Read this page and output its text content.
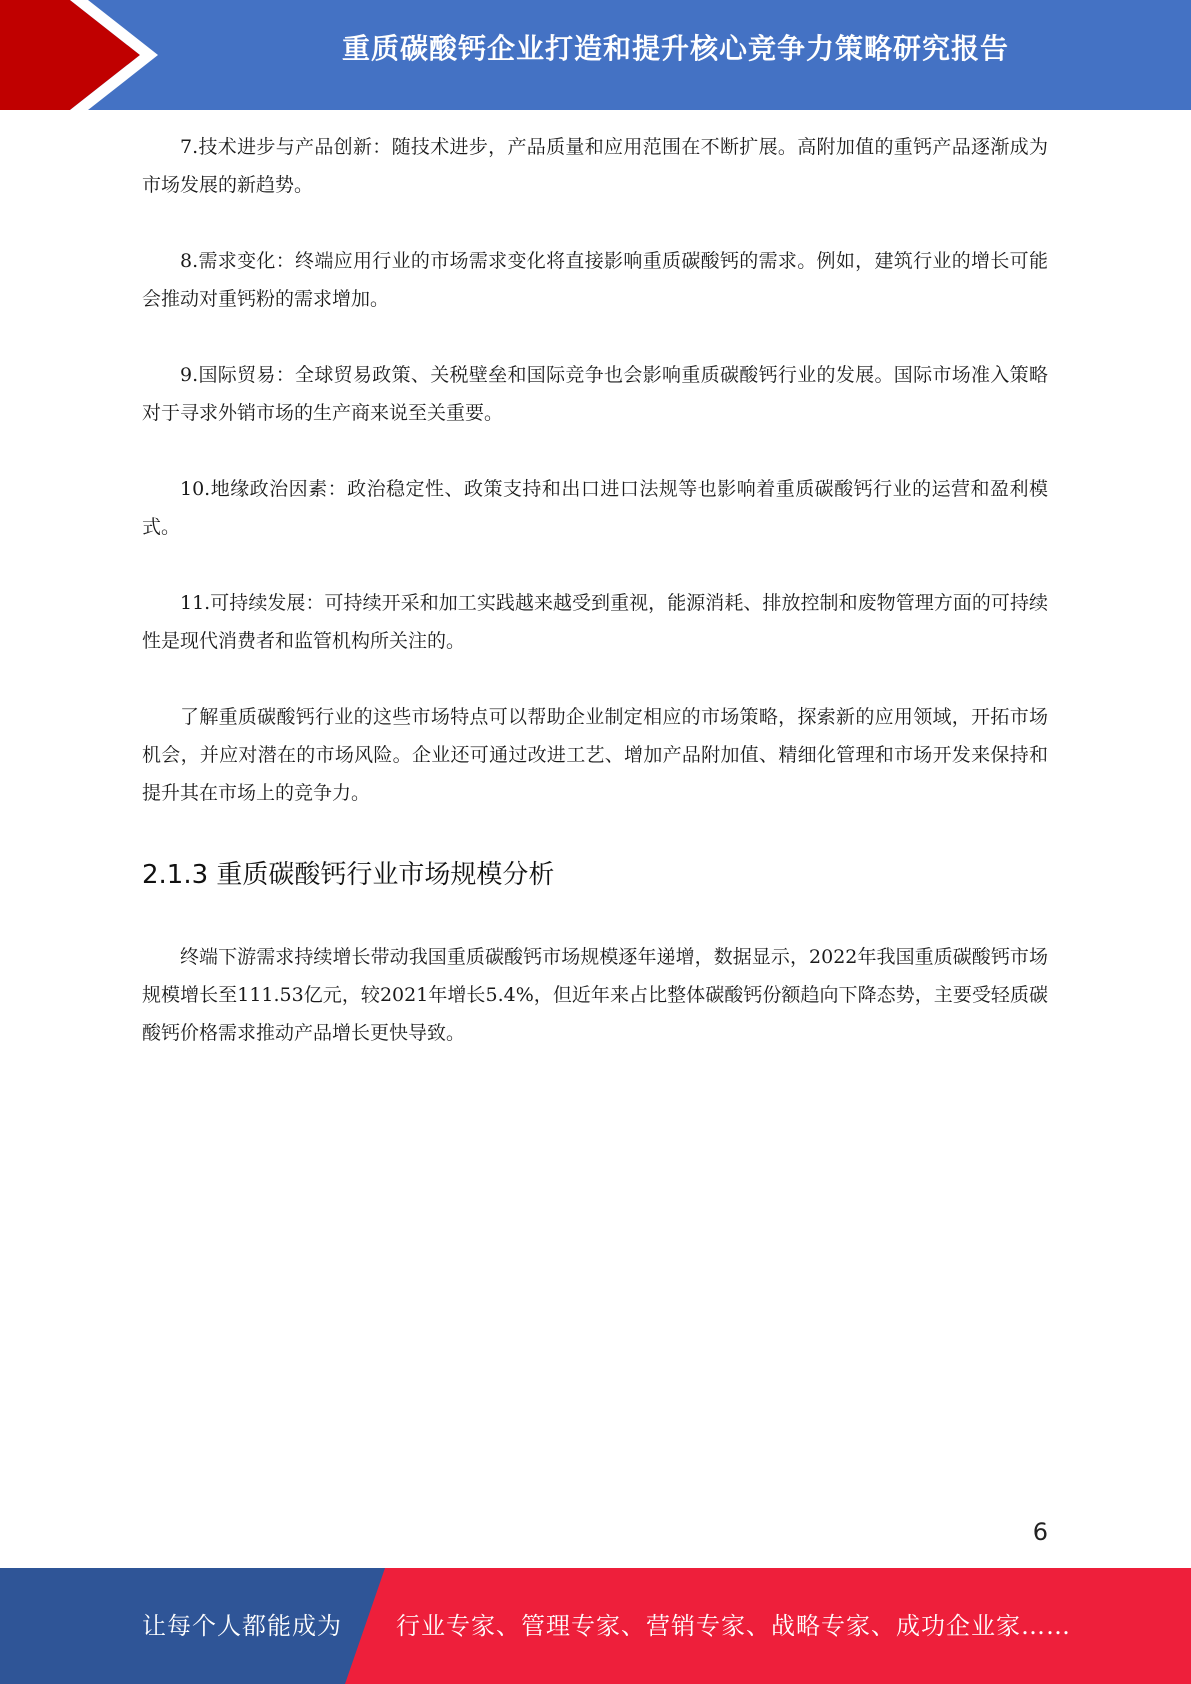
重质碳酸钙企业打造和提升核心竞争力策略研究报告

7.技术进步与产品创新：随技术进步，产品质量和应用范围在不断扩展。高附加值的重钙产品逐渐成为市场发展的新趋势。

8.需求变化：终端应用行业的市场需求变化将直接影响重质碳酸钙的需求。例如，建筑行业的增长可能会推动对重钙粉的需求增加。

9.国际贸易：全球贸易政策、关税壁垒和国际竞争也会影响重质碳酸钙行业的发展。国际市场准入策略对于寻求外销市场的生产商来说至关重要。

10.地缘政治因素：政治稳定性、政策支持和出口进口法规等也影响着重质碳酸钙行业的运营和盈利模式。

11.可持续发展：可持续开采和加工实践越来越受到重视，能源消耗、排放控制和废物管理方面的可持续性是现代消费者和监管机构所关注的。

了解重质碳酸钙行业的这些市场特点可以帮助企业制定相应的市场策略，探索新的应用领域，开拓市场机会，并应对潜在的市场风险。企业还可通过改进工艺、增加产品附加值、精细化管理和市场开发来保持和提升其在市场上的竞争力。

2.1.3 重质碳酸钙行业市场规模分析

终端下游需求持续增长带动我国重质碳酸钙市场规模逐年递增，数据显示，2022年我国重质碳酸钙市场规模增长至111.53亿元，较2021年增长5.4%，但近年来占比整体碳酸钙份额趋向下降态势，主要受轻质碳酸钙价格需求推动产品增长更快导致。

6
让每个人都能成为 行业专家、管理专家、营销专家、战略专家、成功企业家……
